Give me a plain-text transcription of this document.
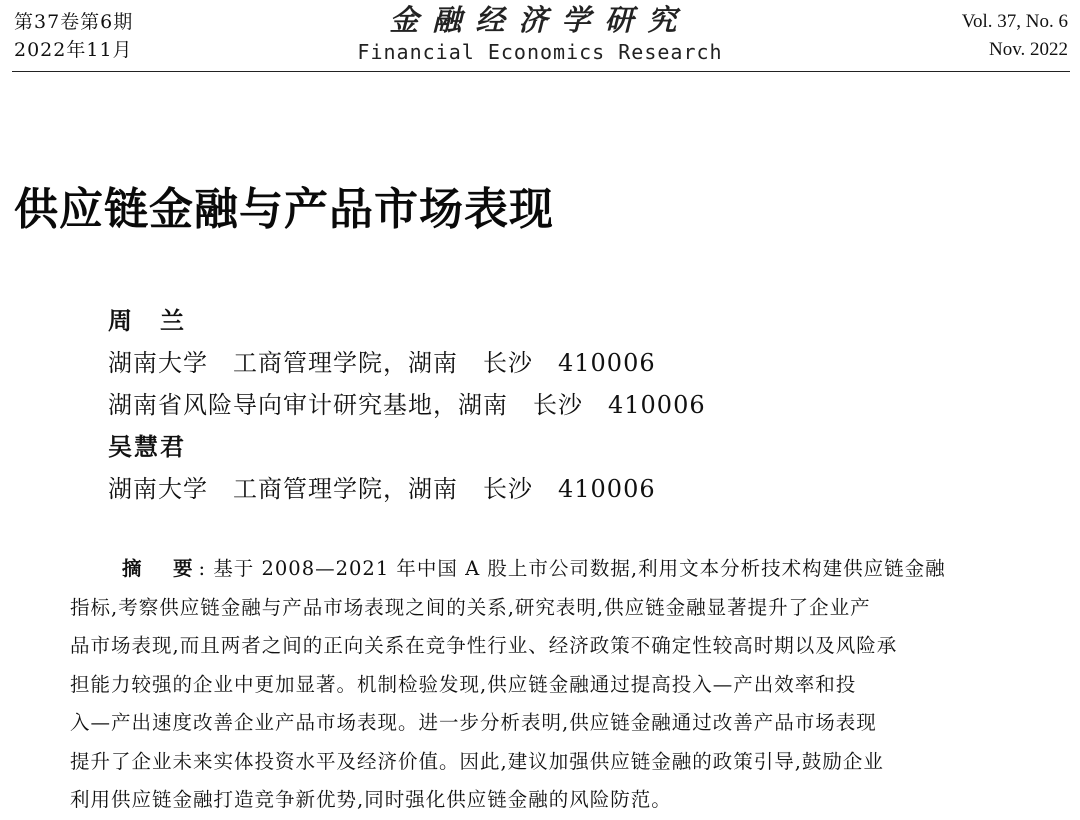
第37卷第6期
2022年11月
金融经济学研究
Financial Economics Research
Vol. 37, No. 6
Nov. 2022
供应链金融与产品市场表现
周　兰
湖南大学　工商管理学院，湖南　长沙　410006
湖南省风险导向审计研究基地，湖南　长沙　410006
吴慧君
湖南大学　工商管理学院，湖南　长沙　410006
摘　要: 基于 2008—2021 年中国 A 股上市公司数据,利用文本分析技术构建供应链金融
指标,考察供应链金融与产品市场表现之间的关系,研究表明,供应链金融显著提升了企业产
品市场表现,而且两者之间的正向关系在竞争性行业、经济政策不确定性较高时期以及风险承
担能力较强的企业中更加显著。机制检验发现,供应链金融通过提高投入—产出效率和投
入—产出速度改善企业产品市场表现。进一步分析表明,供应链金融通过改善产品市场表现
提升了企业未来实体投资水平及经济价值。因此,建议加强供应链金融的政策引导,鼓励企业
利用供应链金融打造竞争新优势,同时强化供应链金融的风险防范。
